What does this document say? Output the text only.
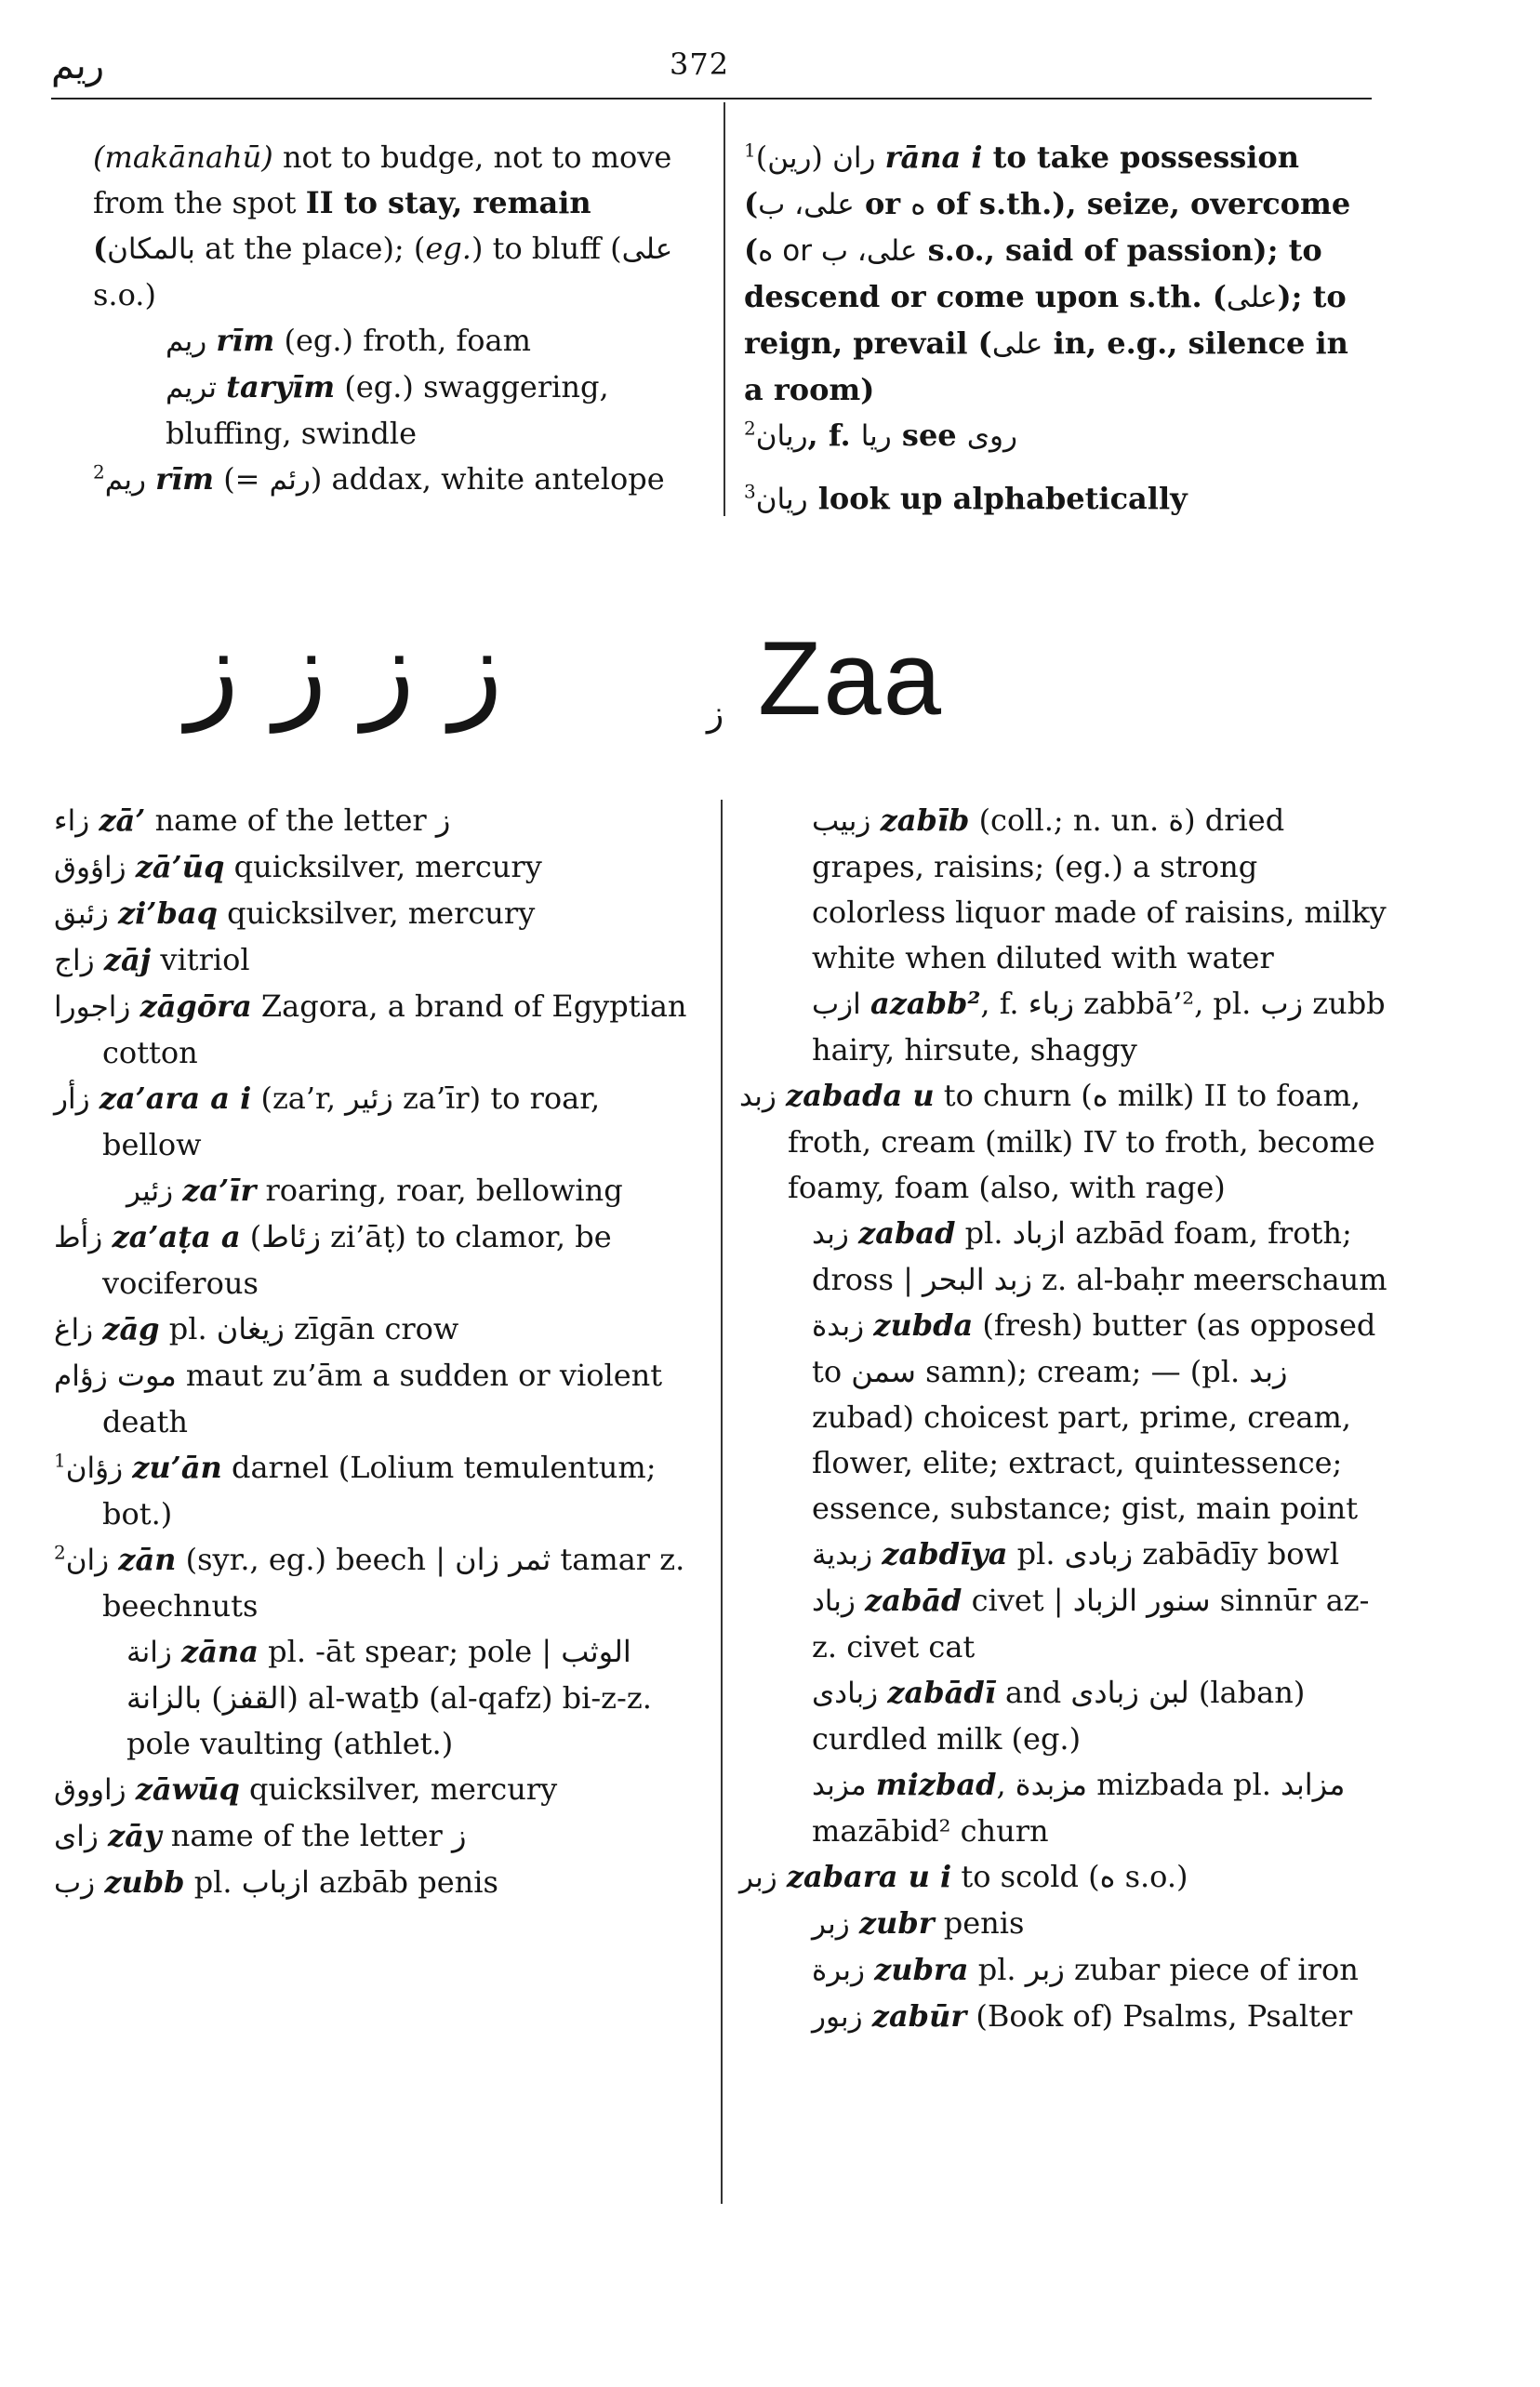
ريم	372

(makānahū) not to budge, not to move from the spot II to stay, remain (بالمكان at the place); (eg.) to bluff (على s.o.)

ريم rīm (eg.) froth, foam

تريم taryīm (eg.) swaggering, bluffing, swindle

$^2$ريم rīm (= رئم) addax, white antelope

$^1$(رين) ران rāna i to take possession (على، ب or ه of s.th.), seize, overcome (على، ب or ه s.o., said of passion); to descend or come upon s.th. (على); to reign, prevail (على in, e.g., silence in a room)

$^2$ريان, f. ريا see روى

$^3$ريان look up alphabetically

ز ز ز ز	ز Zaa

زاء zā’ name of the letter ز

زاؤوق zā’ūq quicksilver, mercury

زئبق zi’baq quicksilver, mercury

زاج zāj vitriol

زاجورا zāgōra Zagora, a brand of Egyptian cotton

زأر za’ara a i (za’r, زئير za’īr) to roar, bellow

زئير za’īr roaring, roar, bellowing

زأط za’aṭa a (زئاط zi’āṭ) to clamor, be vociferous

زاغ zāg pl. زيغان zīgān crow

زؤام موت maut zu’ām a sudden or violent death

$^1$زؤان zu’ān darnel (Lolium temulentum; bot.)

$^2$زان zān (syr., eg.) beech | ثمر زان tamar z. beechnuts

زانة zāna pl. -āt spear; pole | الوثب (القفز) بالزانة al-waṯb (al-qafz) bi-z-z. pole vaulting (athlet.)

زاووق zāwūq quicksilver, mercury

زاى zāy name of the letter ز

زب zubb pl. ازباب azbāb penis

زبيب zabīb (coll.; n. un. ة) dried grapes, raisins; (eg.) a strong colorless liquor made of raisins, milky white when diluted with water

ازب azabb², f. زباء zabbā’², pl. زب zubb hairy, hirsute, shaggy

زبد zabada u to churn (ه milk) II to foam, froth, cream (milk) IV to froth, become foamy, foam (also, with rage)

زبد zabad pl. ازباد azbād foam, froth; dross | زبد البحر z. al-baḥr meerschaum

زبدة zubda (fresh) butter (as opposed to سمن samn); cream; — (pl. زبد zubad) choicest part, prime, cream, flower, elite; extract, quintessence; essence, substance; gist, main point

زبدية zabdīya pl. زبادى zabādīy bowl

زباد zabād civet | سنور الزباد sinnūr az-z. civet cat

زبادى zabādī and لبن زبادى (laban) curdled milk (eg.)

مزبد mizbad, مزبدة mizbada pl. مزابد mazābid² churn

زبر zabara u i to scold (ه s.o.)

زبر zubr penis

زبرة zubra pl. زبر zubar piece of iron

زبور zabūr (Book of) Psalms, Psalter
